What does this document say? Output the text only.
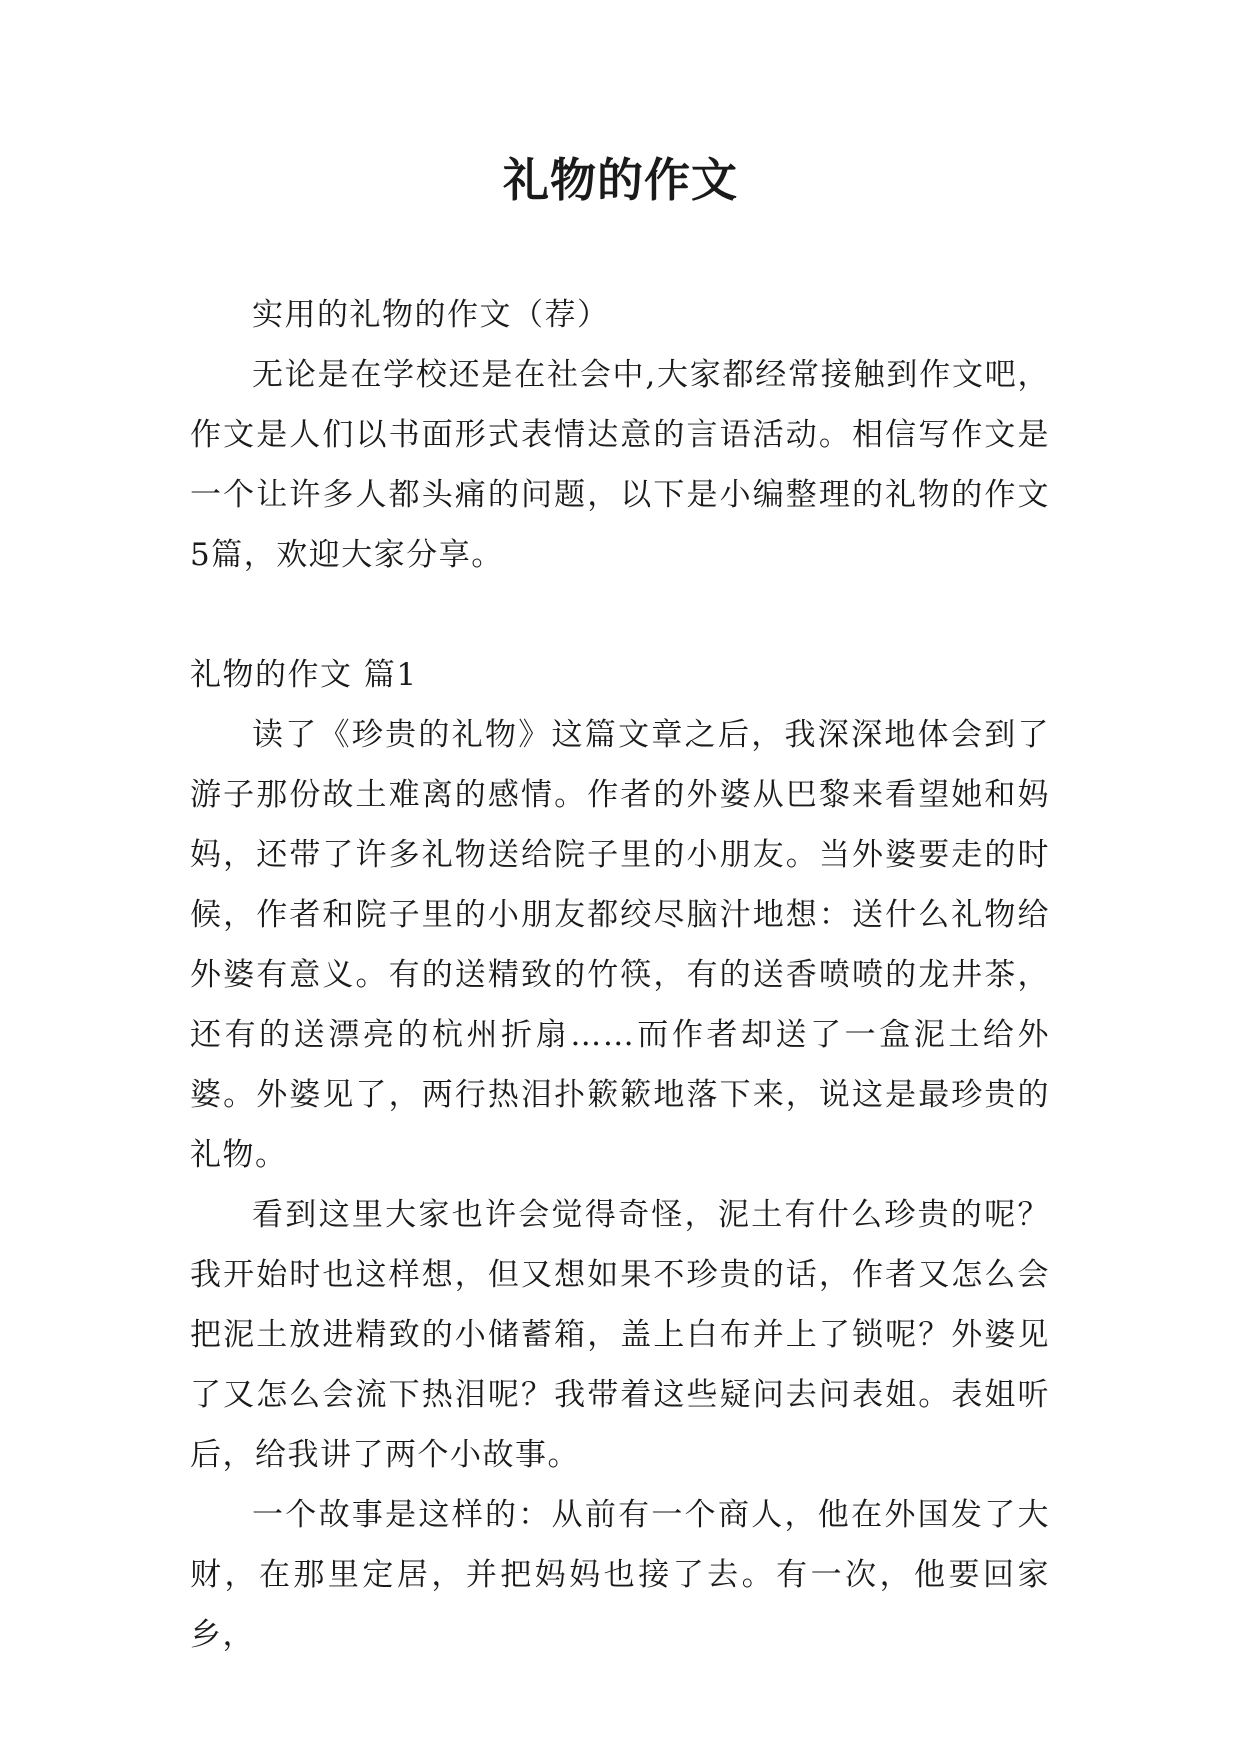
礼物的作文

实用的礼物的作文（荐）

无论是在学校还是在社会中,大家都经常接触到作文吧，作文是人们以书面形式表情达意的言语活动。相信写作文是一个让许多人都头痛的问题，以下是小编整理的礼物的作文5篇，欢迎大家分享。

礼物的作文 篇1

读了《珍贵的礼物》这篇文章之后，我深深地体会到了游子那份故土难离的感情。作者的外婆从巴黎来看望她和妈妈，还带了许多礼物送给院子里的小朋友。当外婆要走的时候，作者和院子里的小朋友都绞尽脑汁地想：送什么礼物给外婆有意义。有的送精致的竹筷，有的送香喷喷的龙井茶，还有的送漂亮的杭州折扇……而作者却送了一盒泥土给外婆。外婆见了，两行热泪扑簌簌地落下来，说这是最珍贵的礼物。

看到这里大家也许会觉得奇怪，泥土有什么珍贵的呢？我开始时也这样想，但又想如果不珍贵的话，作者又怎么会把泥土放进精致的小储蓄箱，盖上白布并上了锁呢？外婆见了又怎么会流下热泪呢？我带着这些疑问去问表姐。表姐听后，给我讲了两个小故事。

一个故事是这样的：从前有一个商人，他在外国发了大财，在那里定居，并把妈妈也接了去。有一次，他要回家乡，
